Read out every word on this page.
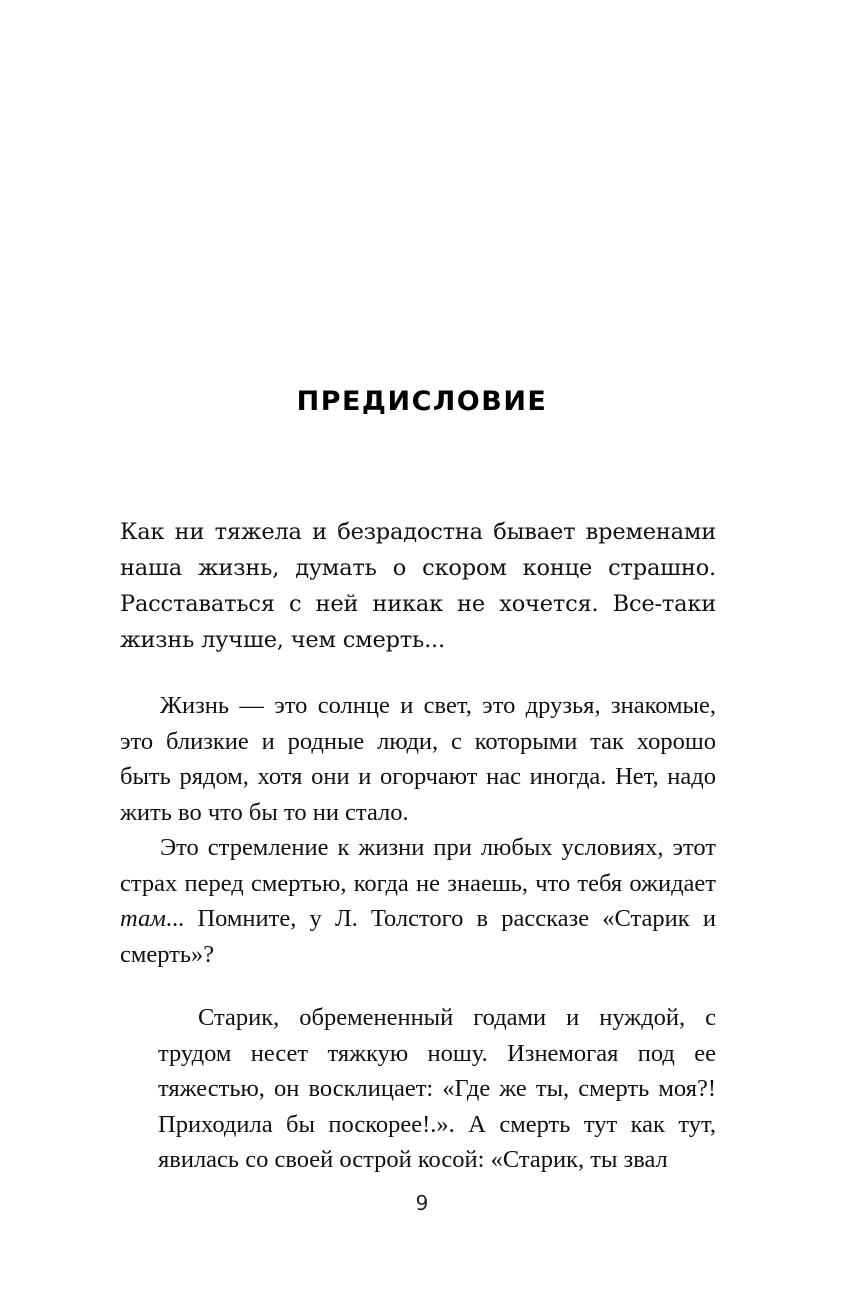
ПРЕДИСЛОВИЕ
Как ни тяжела и безрадостна бывает временами наша жизнь, думать о скором конце страшно. Расставаться с ней никак не хочется. Все-таки жизнь лучше, чем смерть...

Жизнь — это солнце и свет, это друзья, знакомые, это близкие и родные люди, с которыми так хорошо быть рядом, хотя они и огорчают нас иногда. Нет, надо жить во что бы то ни стало.

Это стремление к жизни при любых условиях, этот страх перед смертью, когда не знаешь, что тебя ожидает там... Помните, у Л. Толстого в рассказе «Старик и смерть»?

Старик, обремененный годами и нуждой, с трудом несет тяжкую ношу. Изнемогая под ее тяжестью, он восклицает: «Где же ты, смерть моя?! Приходила бы поскорее!.». А смерть тут как тут, явилась со своей острой косой: «Старик, ты звал

9
